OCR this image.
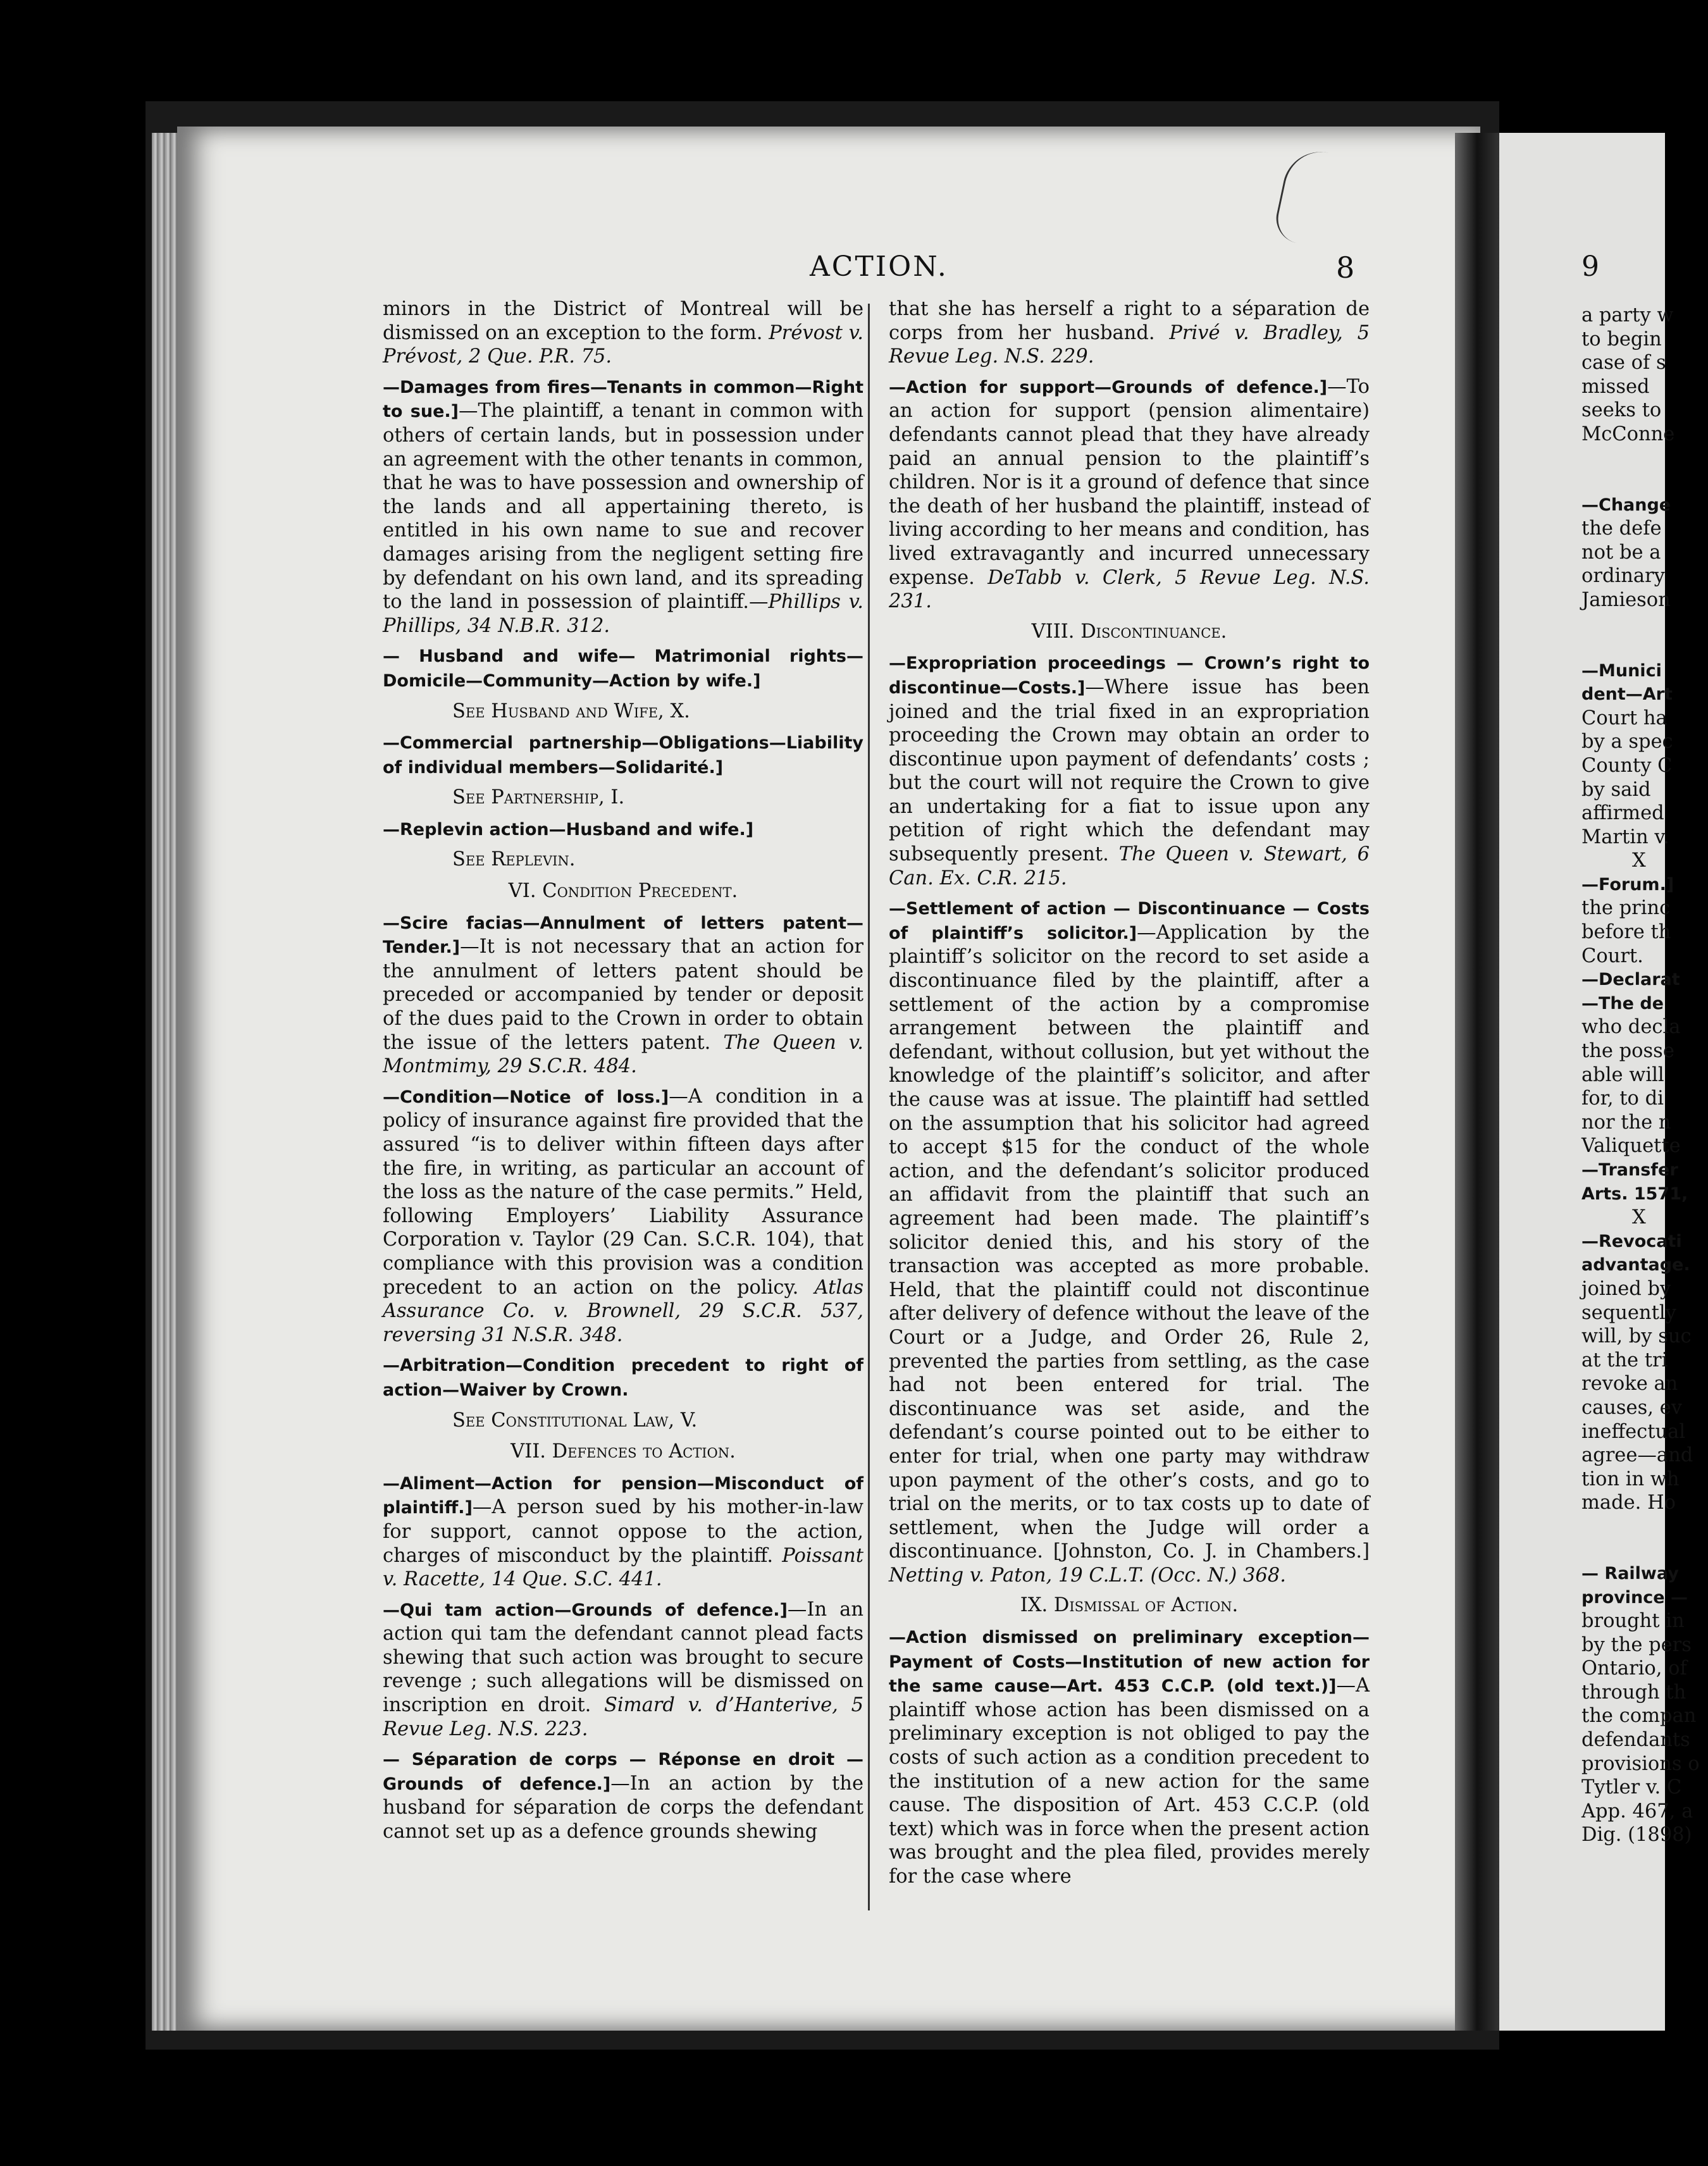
ACTION.	8	9

minors in the District of Montreal will be dismissed on an exception to the form. Prévost v. Prévost, 2 Que. P.R. 75.

—Damages from fires—Tenants in common—Right to sue.]—The plaintiff, a tenant in common with others of certain lands, but in possession under an agreement with the other tenants in common, that he was to have possession and ownership of the lands and all appertaining thereto, is entitled in his own name to sue and recover damages arising from the negligent setting fire by defendant on his own land, and its spreading to the land in possession of plaintiff.—Phillips v. Phillips, 34 N.B.R. 312.

— Husband and wife— Matrimonial rights— Domicile—Community—Action by wife.]

See Husband and Wife, X.

—Commercial partnership—Obligations—Liability of individual members—Solidarité.]

See Partnership, I.

—Replevin action—Husband and wife.]

See Replevin.

VI. Condition Precedent.

—Scire facias—Annulment of letters patent—Tender.]—It is not necessary that an action for the annulment of letters patent should be preceded or accompanied by tender or deposit of the dues paid to the Crown in order to obtain the issue of the letters patent. The Queen v. Montmimy, 29 S.C.R. 484.

—Condition—Notice of loss.]—A condition in a policy of insurance against fire provided that the assured “is to deliver within fifteen days after the fire, in writing, as particular an account of the loss as the nature of the case permits.” Held, following Employers’ Liability Assurance Corporation v. Taylor (29 Can. S.C.R. 104), that compliance with this provision was a condition precedent to an action on the policy. Atlas Assurance Co. v. Brownell, 29 S.C.R. 537, reversing 31 N.S.R. 348.

—Arbitration—Condition precedent to right of action—Waiver by Crown.

See Constitutional Law, V.

VII. Defences to Action.

—Aliment—Action for pension—Misconduct of plaintiff.]—A person sued by his mother-in-law for support, cannot oppose to the action, charges of misconduct by the plaintiff. Poissant v. Racette, 14 Que. S.C. 441.

—Qui tam action—Grounds of defence.]—In an action qui tam the defendant cannot plead facts shewing that such action was brought to secure revenge ; such allegations will be dismissed on inscription en droit. Simard v. d’Hanterive, 5 Revue Leg. N.S. 223.

— Séparation de corps — Réponse en droit — Grounds of defence.]—In an action by the husband for séparation de corps the defendant cannot set up as a defence grounds shewing

that she has herself a right to a séparation de corps from her husband. Privé v. Bradley, 5 Revue Leg. N.S. 229.

—Action for support—Grounds of defence.]—To an action for support (pension alimentaire) defendants cannot plead that they have already paid an annual pension to the plaintiff’s children. Nor is it a ground of defence that since the death of her husband the plaintiff, instead of living according to her means and condition, has lived extravagantly and incurred unnecessary expense. DeTabb v. Clerk, 5 Revue Leg. N.S. 231.

VIII. Discontinuance.

—Expropriation proceedings — Crown’s right to discontinue—Costs.]—Where issue has been joined and the trial fixed in an expropriation proceeding the Crown may obtain an order to discontinue upon payment of defendants’ costs ; but the court will not require the Crown to give an undertaking for a fiat to issue upon any petition of right which the defendant may subsequently present. The Queen v. Stewart, 6 Can. Ex. C.R. 215.

—Settlement of action — Discontinuance — Costs of plaintiff’s solicitor.]—Application by the plaintiff’s solicitor on the record to set aside a discontinuance filed by the plaintiff, after a settlement of the action by a compromise arrangement between the plaintiff and defendant, without collusion, but yet without the knowledge of the plaintiff’s solicitor, and after the cause was at issue. The plaintiff had settled on the assumption that his solicitor had agreed to accept $15 for the conduct of the whole action, and the defendant’s solicitor produced an affidavit from the plaintiff that such an agreement had been made. The plaintiff’s solicitor denied this, and his story of the transaction was accepted as more probable. Held, that the plaintiff could not discontinue after delivery of defence without the leave of the Court or a Judge, and Order 26, Rule 2, prevented the parties from settling, as the case had not been entered for trial. The discontinuance was set aside, and the defendant’s course pointed out to be either to enter for trial, when one party may withdraw upon payment of the other’s costs, and go to trial on the merits, or to tax costs up to date of settlement, when the Judge will order a discontinuance. [Johnston, Co. J. in Chambers.] Netting v. Paton, 19 C.L.T. (Occ. N.) 368.

IX. Dismissal of Action.

—Action dismissed on preliminary exception—Payment of Costs—Institution of new action for the same cause—Art. 453 C.C.P. (old text.)]—A plaintiff whose action has been dismissed on a preliminary exception is not obliged to pay the costs of such action as a condition precedent to the institution of a new action for the same cause. The disposition of Art. 453 C.C.P. (old text) which was in force when the present action was brought and the plea filed, provides merely for the case where

a party w
to begin
case of s
missed
seeks to
McConne
—Change
the defe
not be a
ordinary
Jamieson
—Munici
dent—Art
Court ha
by a spec
County C
by said
affirmed
Martin v.
X
—Forum.]
the princ
before th
Court.
—Declarat
—The de
who decla
the posse
able will
for, to di
nor the n
Valiquette
—Transfer
Arts. 1571,
X
—Revocati
advantage.
joined by
sequently
will, by suc
at the tri
revoke an
causes, ev
ineffectual
agree—and
tion in wh
made. Ho
— Railway
province —
brought in
by the pers
Ontario, of
through th
the compan
defendants
provisions o
Tytler v. C
App. 467, a
Dig. (1898)
